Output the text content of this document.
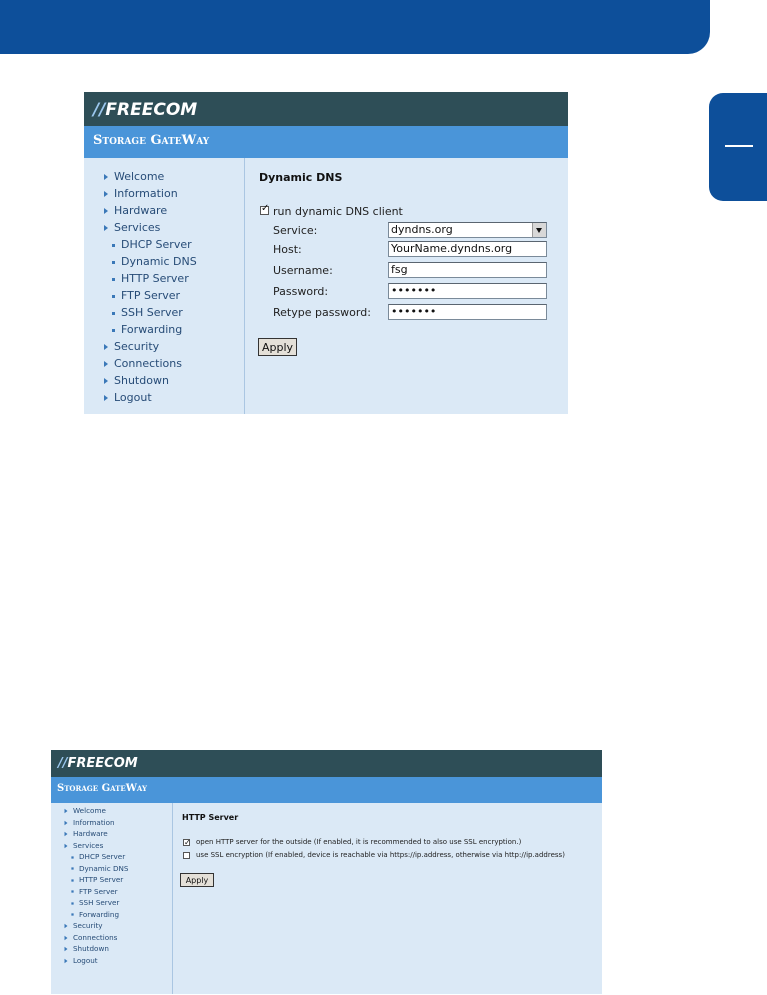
//FREECOM
Storage GateWay
Welcome
Information
Hardware
Services
DHCP Server
Dynamic DNS
HTTP Server
FTP Server
SSH Server
Forwarding
Security
Connections
Shutdown
Logout
Dynamic DNS
✓ run dynamic DNS client
Service:	dyndns.org
Host:	YourName.dyndns.org
Username:	fsg
Password:	•••••••
Retype password: •••••••
Apply
//FREECOM
Storage GateWay
Welcome
Information
Hardware
Services
DHCP Server
Dynamic DNS
HTTP Server
FTP Server
SSH Server
Forwarding
Security
Connections
Shutdown
Logout
HTTP Server
✓ open HTTP server for the outside (If enabled, it is recommended to also use SSL encryption.)
use SSL encryption (If enabled, device is reachable via https://ip.address, otherwise via http://ip.address)
Apply
